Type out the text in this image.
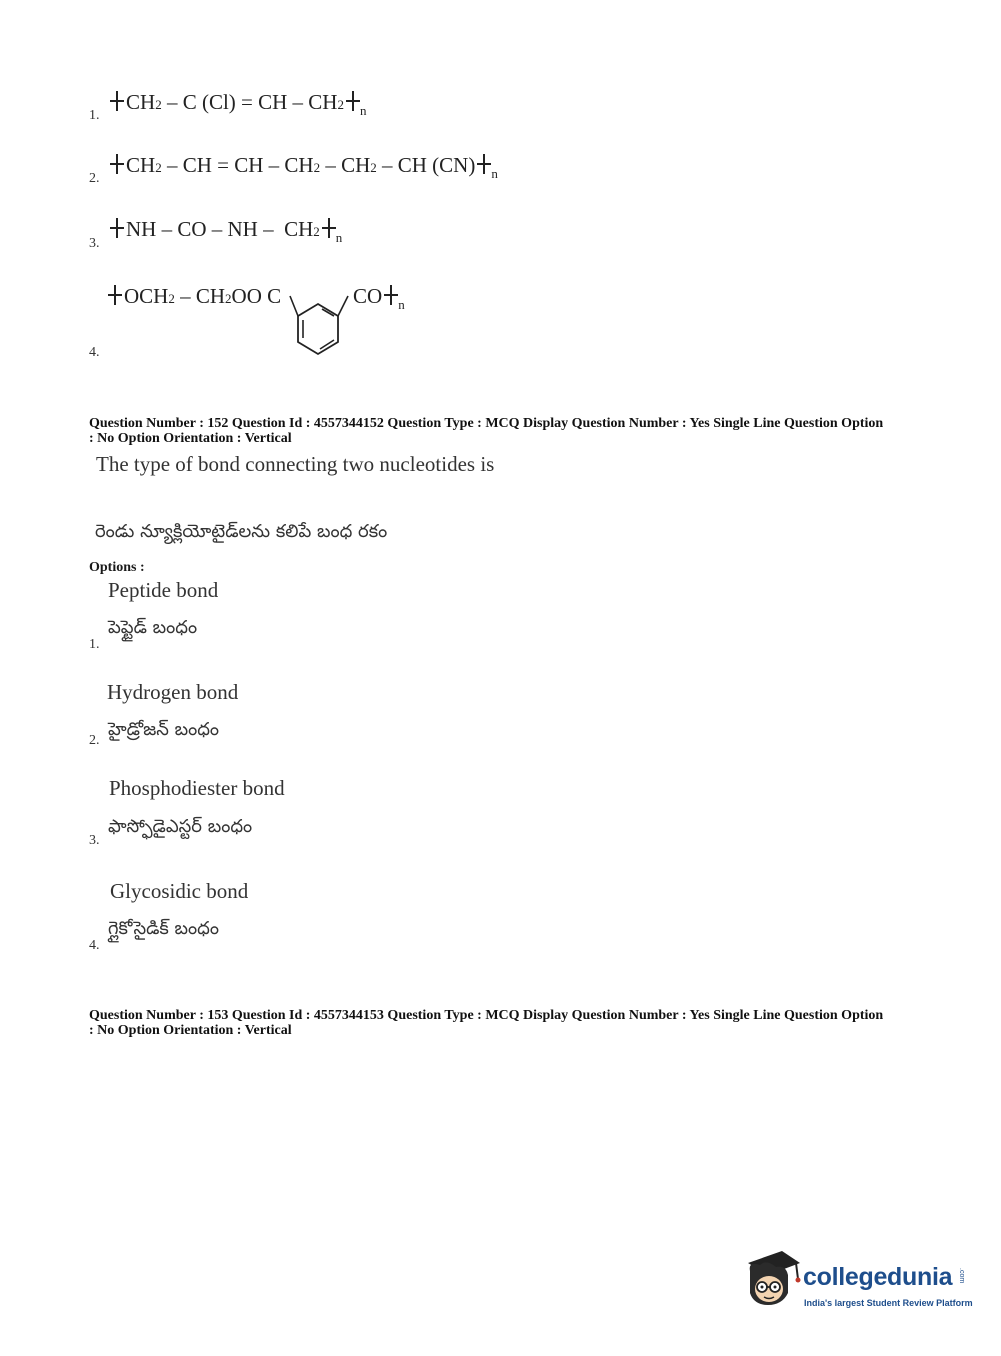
1.
CH2 – C (Cl) = CH – CH2 n
2.
CH2 – CH = CH – CH2 – CH2 – CH (CN) n
3.
NH – CO – NH –  CH2 n
4.
OCH2 – CH2OO C	CO n
Question Number : 152 Question Id : 4557344152 Question Type : MCQ Display Question Number : Yes Single Line Question Option : No Option Orientation : Vertical
The type of bond connecting two nucleotides is
రెండు న్యూక్లియోటైడ్‌లను కలిపే బంధ రకం
Options :
Peptide bond
పెప్టైడ్ బంధం
1.
Hydrogen bond
హైడ్రోజన్ బంధం
2.
Phosphodiester bond
ఫాస్ఫోడైఎస్టర్ బంధం
3.
Glycosidic bond
గ్లైకోసైడిక్ బంధం
4.
Question Number : 153 Question Id : 4557344153 Question Type : MCQ Display Question Number : Yes Single Line Question Option : No Option Orientation : Vertical
collegedunia .com
India's largest Student Review Platform
